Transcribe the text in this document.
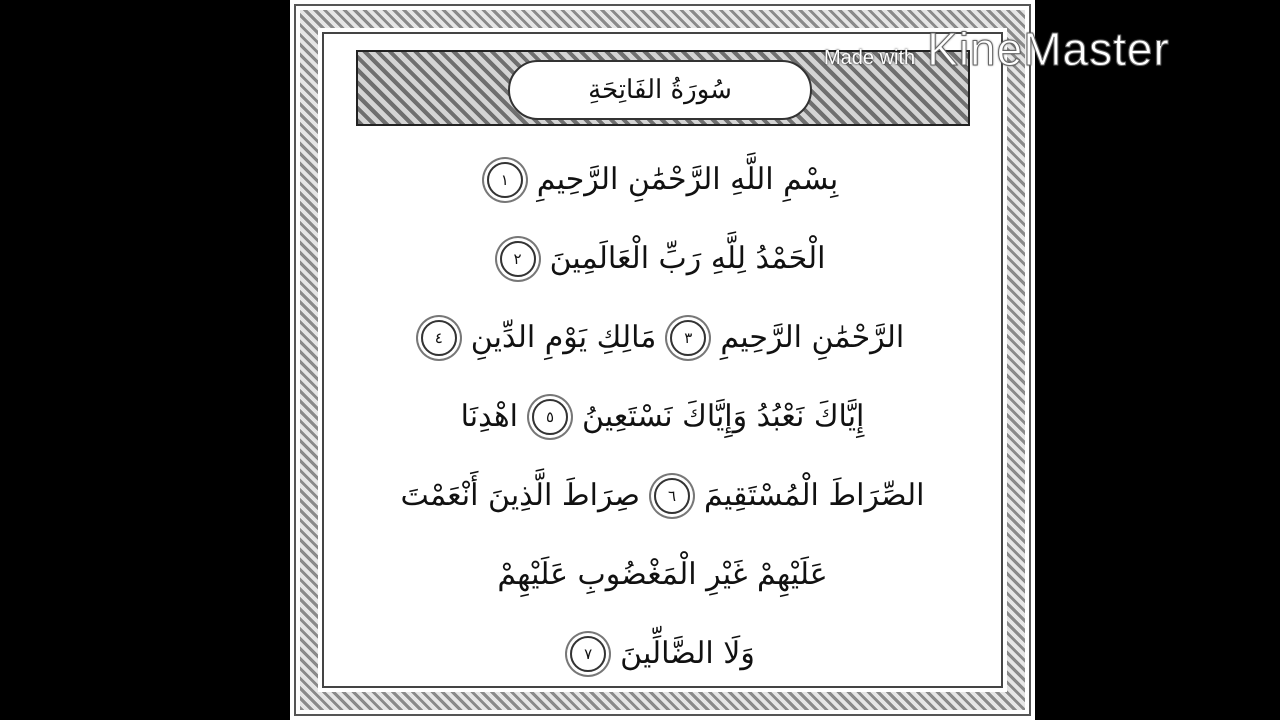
سُورَةُ الفَاتِحَةِ
بِسْمِ اللَّهِ الرَّحْمَٰنِ الرَّحِيمِ
١
الْحَمْدُ لِلَّهِ رَبِّ الْعَالَمِينَ
٢
الرَّحْمَٰنِ الرَّحِيمِ
٣
مَالِكِ يَوْمِ الدِّينِ
٤
إِيَّاكَ نَعْبُدُ وَإِيَّاكَ نَسْتَعِينُ
٥
اهْدِنَا
الصِّرَاطَ الْمُسْتَقِيمَ
٦
صِرَاطَ الَّذِينَ أَنْعَمْتَ
عَلَيْهِمْ غَيْرِ الْمَغْضُوبِ عَلَيْهِمْ
وَلَا الضَّالِّينَ
٧
Made with KineMaster
